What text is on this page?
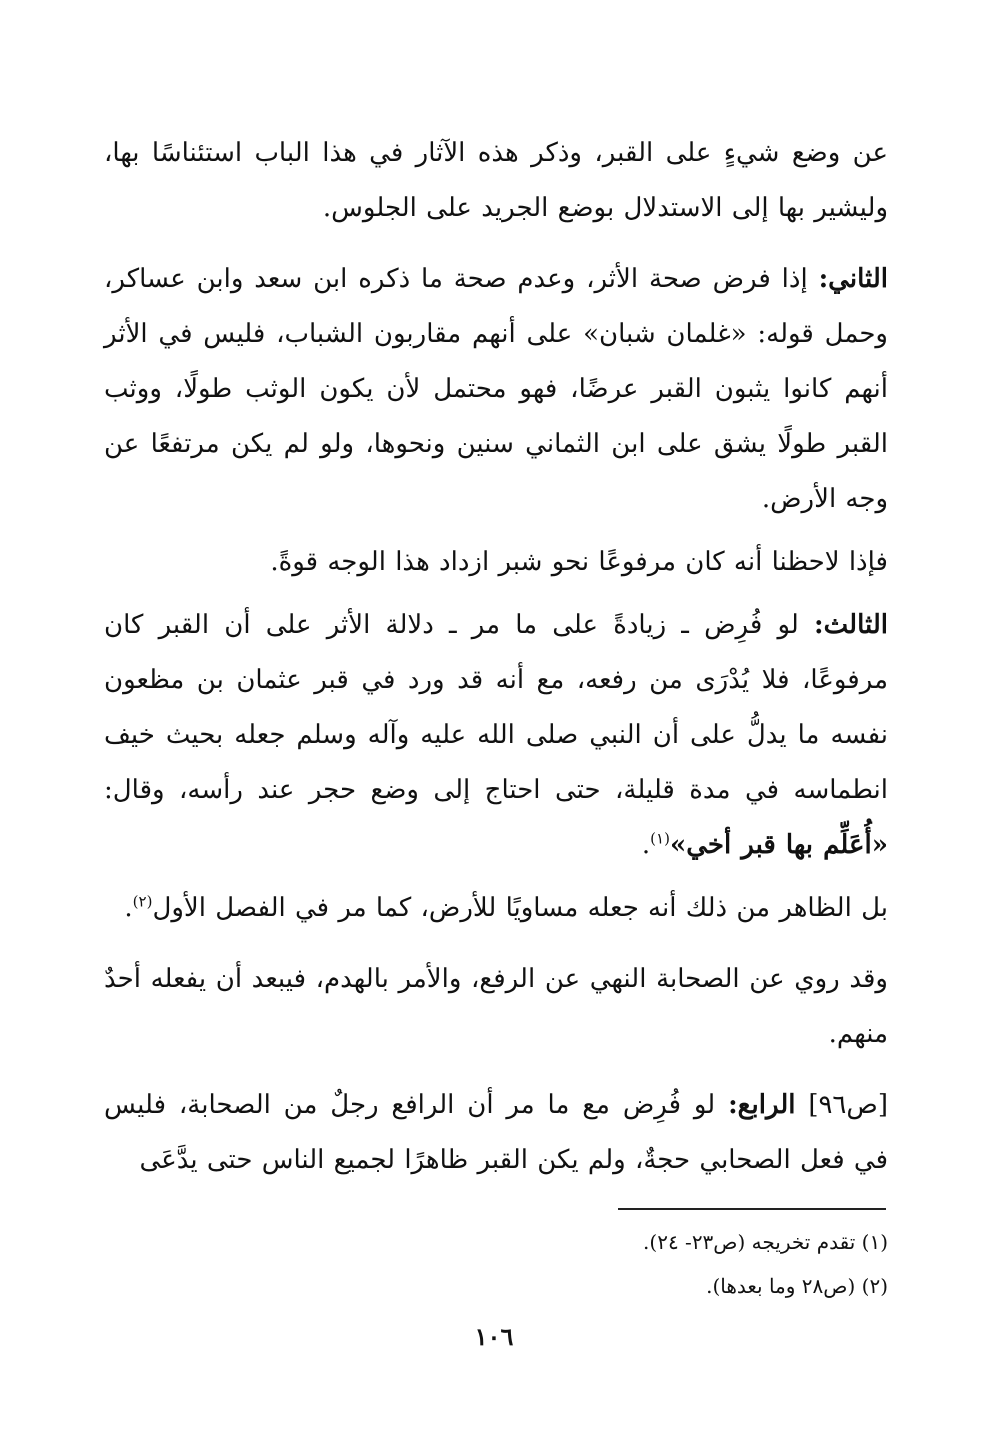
عن وضع شيءٍ على القبر، وذكر هذه الآثار في هذا الباب استئناسًا بها، وليشير بها إلى الاستدلال بوضع الجريد على الجلوس.

الثاني: إذا فرض صحة الأثر، وعدم صحة ما ذكره ابن سعد وابن عساكر، وحمل قوله: «غلمان شبان» على أنهم مقاربون الشباب، فليس في الأثر أنهم كانوا يثبون القبر عرضًا، فهو محتمل لأن يكون الوثب طولًا، ووثب القبر طولًا يشق على ابن الثماني سنين ونحوها، ولو لم يكن مرتفعًا عن وجه الأرض.

فإذا لاحظنا أنه كان مرفوعًا نحو شبر ازداد هذا الوجه قوةً.

الثالث: لو فُرِض ـ زيادةً على ما مر ـ دلالة الأثر على أن القبر كان مرفوعًا، فلا يُدْرَى من رفعه، مع أنه قد ورد في قبر عثمان بن مظعون نفسه ما يدلُّ على أن النبي صلى الله عليه وآله وسلم جعله بحيث خيف انطماسه في مدة قليلة، حتى احتاج إلى وضع حجر عند رأسه، وقال: «أُعَلِّم بها قبر أخي»$^{(١)}$.

بل الظاهر من ذلك أنه جعله مساويًا للأرض، كما مر في الفصل الأول$^{(٢)}$.

وقد روي عن الصحابة النهي عن الرفع، والأمر بالهدم، فيبعد أن يفعله أحدٌ منهم.

[ص٩٦] الرابع: لو فُرِض مع ما مر أن الرافع رجلٌ من الصحابة، فليس في فعل الصحابي حجةٌ، ولم يكن القبر ظاهرًا لجميع الناس حتى يدَّعَى

(١) تقدم تخريجه (ص٢٣- ٢٤).

(٢) (ص٢٨ وما بعدها).

١٠٦
